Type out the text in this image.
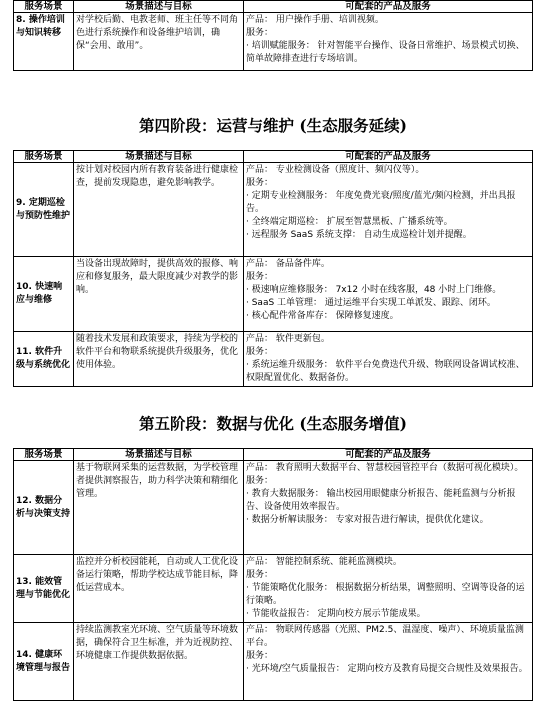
服务场景	场景描述与目标	可配套的产品及服务

8. 操作培训与知识转移	对学校后勤、电教老师、班主任等不同角色进行系统操作和设备维护培训，确保“会用、敢用”。	产品： 用户操作手册、培训视频。
服务：
· 培训赋能服务： 针对智能平台操作、设备日常维护、场景模式切换、简单故障排查进行专场培训。
第四阶段：运营与维护 (生态服务延续)
服务场景	场景描述与目标	可配套的产品及服务

9. 定期巡检与预防性维护	按计划对校园内所有教育装备进行健康检查，提前发现隐患，避免影响教学。	产品： 专业检测设备（照度计、频闪仪等）。
服务：
· 定期专业检测服务： 年度免费光衰/照度/蓝光/频闪检测，并出具报告。
· 全终端定期巡检： 扩展至智慧黑板、广播系统等。
· 远程服务 SaaS 系统支撑： 自动生成巡检计划并提醒。

10. 快速响应与维修	当设备出现故障时，提供高效的报修、响应和修复服务，最大限度减少对教学的影响。	产品： 备品备件库。
服务：
· 极速响应维修服务： 7x12 小时在线客服，48 小时上门维修。
· SaaS 工单管理： 通过运维平台实现工单派发、跟踪、闭环。
· 核心配件常备库存： 保障修复速度。

11. 软件升级与系统优化	随着技术发展和政策要求，持续为学校的软件平台和物联系统提供升级服务，优化使用体验。	产品： 软件更新包。
服务：
· 系统运维升级服务： 软件平台免费迭代升级、物联网设备调试校准、权限配置优化、数据备份。
第五阶段：数据与优化 (生态服务增值)
服务场景	场景描述与目标	可配套的产品及服务

12. 数据分析与决策支持	基于物联网采集的运营数据，为学校管理者提供洞察报告，助力科学决策和精细化管理。	产品： 教育照明大数据平台、智慧校园管控平台（数据可视化模块）。
服务：
· 教育大数据服务： 输出校园用眼健康分析报告、能耗监测与分析报告、设备使用效率报告。
· 数据分析解读服务： 专家对报告进行解读，提供优化建议。

13. 能效管理与节能优化	监控并分析校园能耗，自动或人工优化设备运行策略，帮助学校达成节能目标，降低运营成本。	产品： 智能控制系统、能耗监测模块。
服务：
· 节能策略优化服务： 根据数据分析结果，调整照明、空调等设备的运行策略。
· 节能收益报告： 定期向校方展示节能成果。

14. 健康环境管理与报告	持续监测教室光环境、空气质量等环境数据，确保符合卫生标准，并为近视防控、环境健康工作提供数据依据。	产品： 物联网传感器（光照、PM2.5、温湿度、噪声）、环境质量监测平台。
服务：
· 光环境/空气质量报告： 定期向校方及教育局提交合规性及效果报告。
